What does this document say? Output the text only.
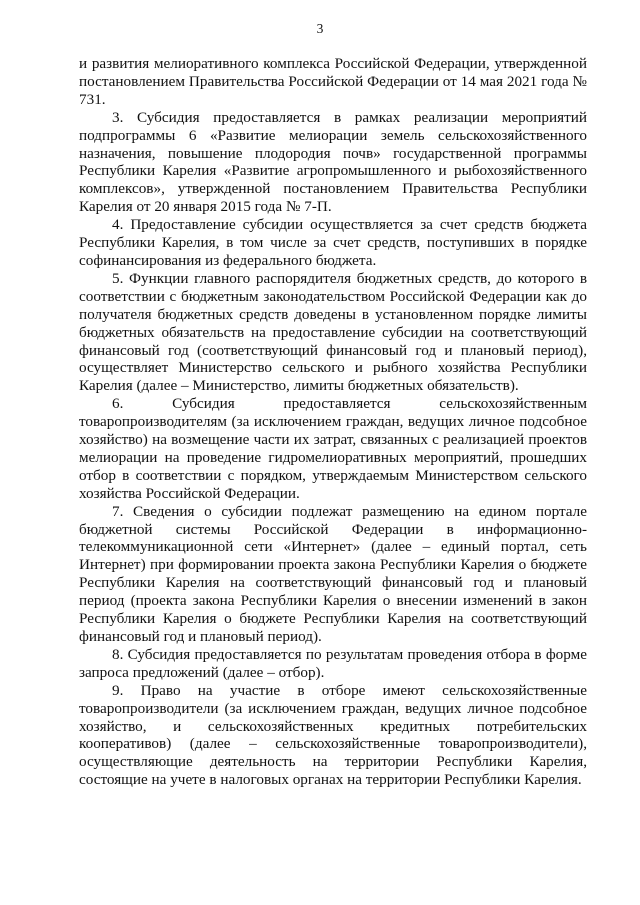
3

и развития мелиоративного комплекса Российской Федерации, утвержденной постановлением Правительства Российской Федерации от 14 мая 2021 года № 731.

3. Субсидия предоставляется в рамках реализации мероприятий подпрограммы 6 «Развитие мелиорации земель сельскохозяйственного назначения, повышение плодородия почв» государственной программы Республики Карелия «Развитие агропромышленного и рыбохозяйственного комплексов», утвержденной постановлением Правительства Республики Карелия от 20 января 2015 года № 7-П.

4. Предоставление субсидии осуществляется за счет средств бюджета Республики Карелия, в том числе за счет средств, поступивших в порядке софинансирования из федерального бюджета.

5. Функции главного распорядителя бюджетных средств, до которого в соответствии с бюджетным законодательством Российской Федерации как до получателя бюджетных средств доведены в установленном порядке лимиты бюджетных обязательств на предоставление субсидии на соответствующий финансовый год (соответствующий финансовый год и плановый период), осуществляет Министерство сельского и рыбного хозяйства Республики Карелия (далее – Министерство, лимиты бюджетных обязательств).

6. Субсидия предоставляется сельскохозяйственным товаропроизводителям (за исключением граждан, ведущих личное подсобное хозяйство) на возмещение части их затрат, связанных с реализацией проектов мелиорации на проведение гидромелиоративных мероприятий, прошедших отбор в соответствии с порядком, утверждаемым Министерством сельского хозяйства Российской Федерации.

7. Сведения о субсидии подлежат размещению на едином портале бюджетной системы Российской Федерации в информационно-телекоммуникационной сети «Интернет» (далее – единый портал, сеть Интернет) при формировании проекта закона Республики Карелия о бюджете Республики Карелия на соответствующий финансовый год и плановый период (проекта закона Республики Карелия о внесении изменений в закон Республики Карелия о бюджете Республики Карелия на соответствующий финансовый год и плановый период).

8. Субсидия предоставляется по результатам проведения отбора в форме запроса предложений (далее – отбор).

9. Право на участие в отборе имеют сельскохозяйственные товаропроизводители (за исключением граждан, ведущих личное подсобное хозяйство, и сельскохозяйственных кредитных потребительских кооперативов) (далее – сельскохозяйственные товаропроизводители), осуществляющие деятельность на территории Республики Карелия, состоящие на учете в налоговых органах на территории Республики Карелия.
